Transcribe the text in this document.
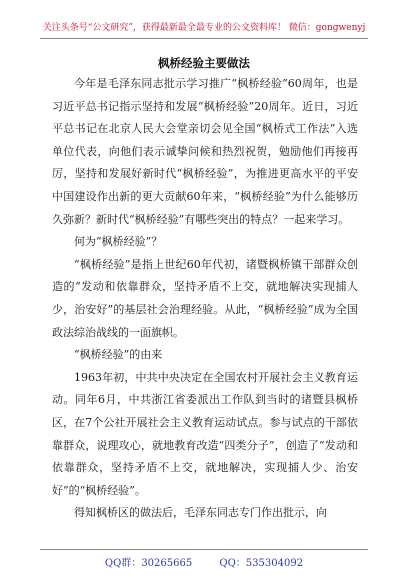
关注头条号“公文研究”，获得最新最全最专业的公文资料库！ 微信：gongwenyj
枫桥经验主要做法

今年是毛泽东同志批示学习推广“枫桥经验”60周年，也是习近平总书记指示坚持和发展“枫桥经验”20周年。近日，习近平总书记在北京人民大会堂亲切会见全国“枫桥式工作法”入选单位代表，向他们表示诚挚问候和热烈祝贺，勉励他们再接再厉，坚持和发展好新时代“枫桥经验”，为推进更高水平的平安中国建设作出新的更大贡献60年来，“枫桥经验”为什么能够历久弥新？新时代“枫桥经验”有哪些突出的特点？一起来学习。

何为“枫桥经验”？

“枫桥经验”是指上世纪60年代初，诸暨枫桥镇干部群众创造的“发动和依靠群众，坚持矛盾不上交，就地解决实现捕人少，治安好”的基层社会治理经验。从此，“枫桥经验”成为全国政法综治战线的一面旗帜。

“枫桥经验”的由来

1963年初，中共中央决定在全国农村开展社会主义教育运动。同年6月，中共浙江省委派出工作队到当时的诸暨县枫桥区，在7个公社开展社会主义教育运动试点。参与试点的干部依靠群众，说理攻心，就地教育改造“四类分子”，创造了“发动和依靠群众，坚持矛盾不上交，就地解决，实现捕人少、治安好”的“枫桥经验”。

得知枫桥区的做法后，毛泽东同志专门作出批示，向

QQ群：30265665	QQ：535304092
